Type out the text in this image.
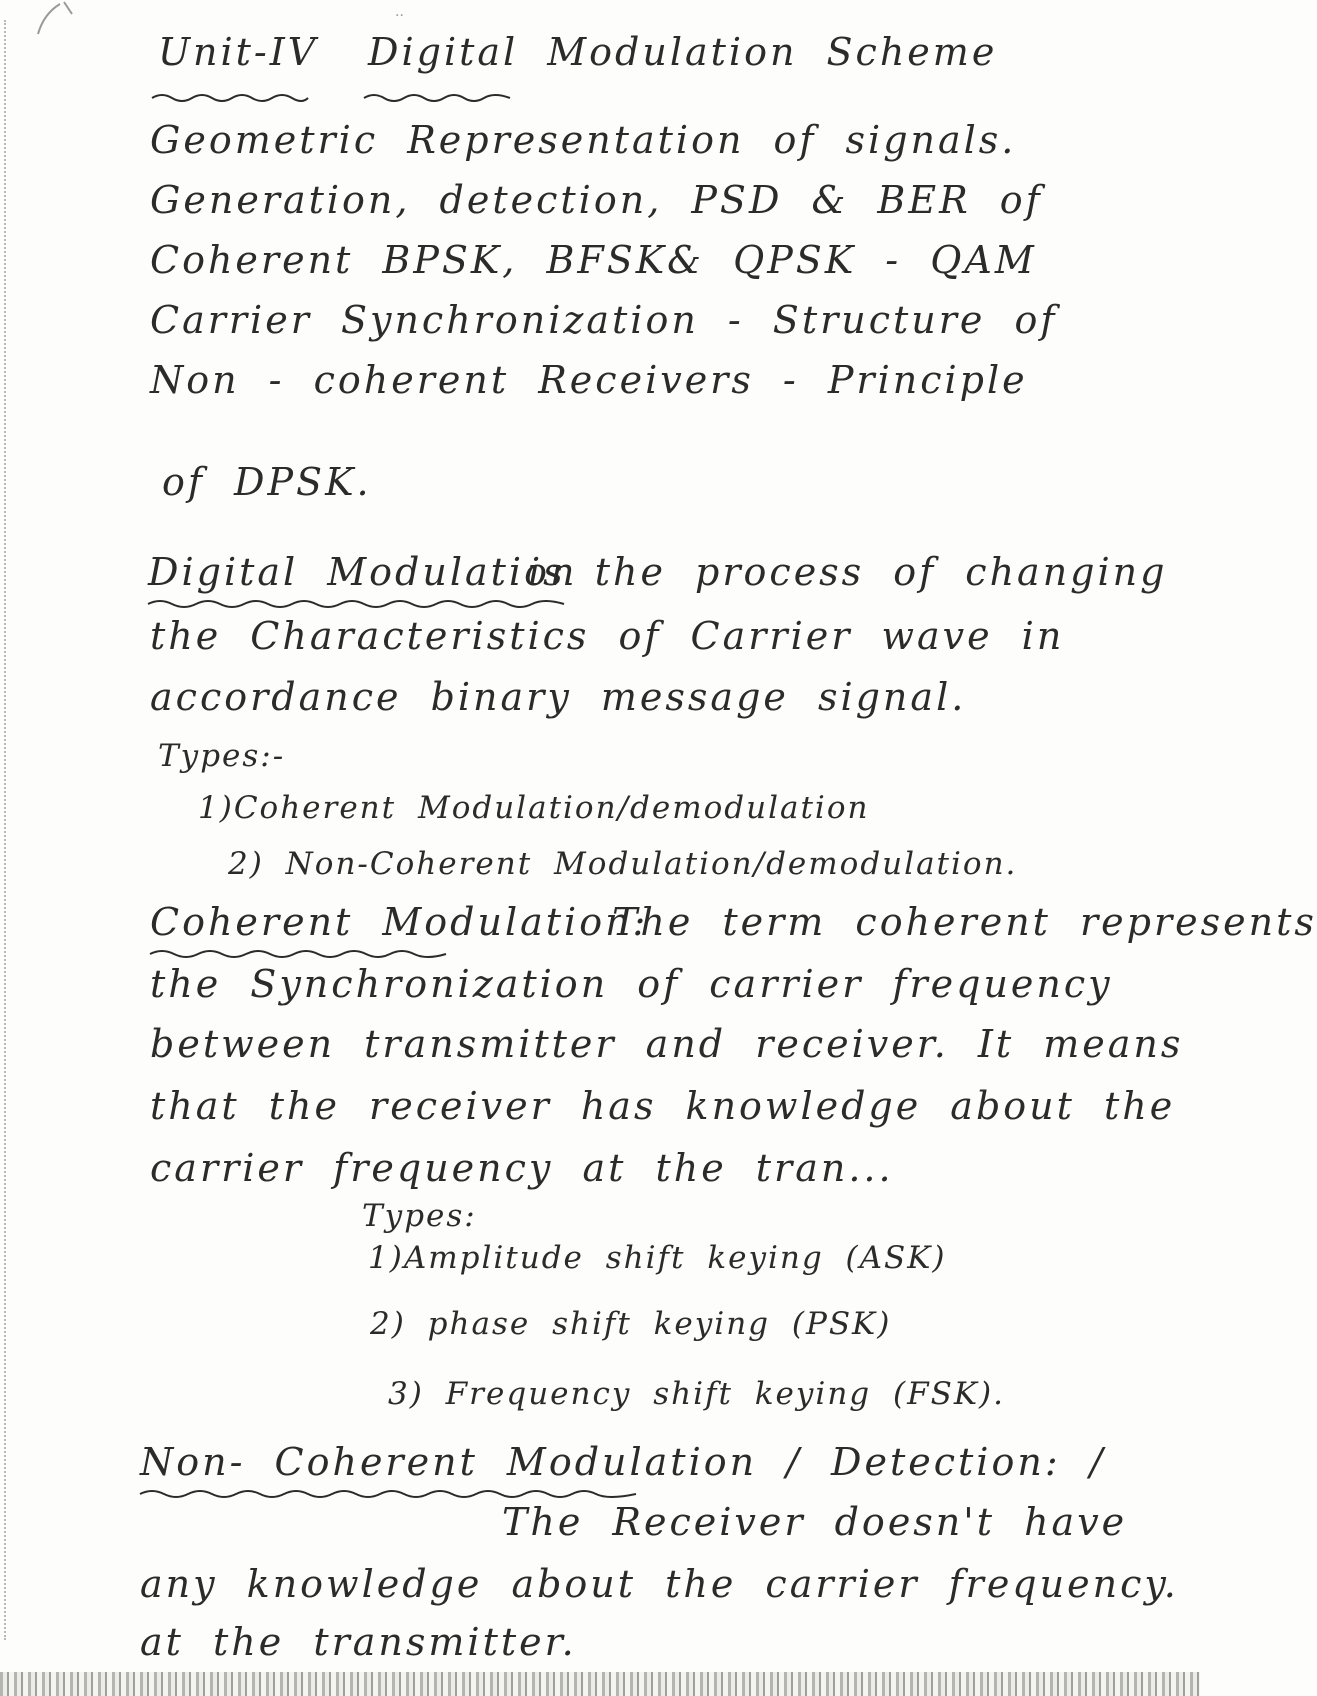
··
Unit-IV Digital Modulation Scheme
Geometric Representation of signals.
Generation, detection, PSD & BER of
Coherent BPSK, BFSK& QPSK - QAM
Carrier Synchronization - Structure of
Non - coherent Receivers - Principle
of DPSK.
Digital Modulation
is the process of changing
the Characteristics of Carrier wave in
accordance binary message signal.
Types:-
1)Coherent Modulation/demodulation
2) Non-Coherent Modulation/demodulation.
Coherent Modulation:
The term coherent represents
the Synchronization of carrier frequency
between transmitter and receiver. It means
that the receiver has knowledge about the
carrier frequency at the tran...
Types:
1)Amplitude shift keying (ASK)
2) phase shift keying (PSK)
3) Frequency shift keying (FSK).
Non- Coherent Modulation / Detection: /
The Receiver doesn't have
any knowledge about the carrier frequency.
at the transmitter.
